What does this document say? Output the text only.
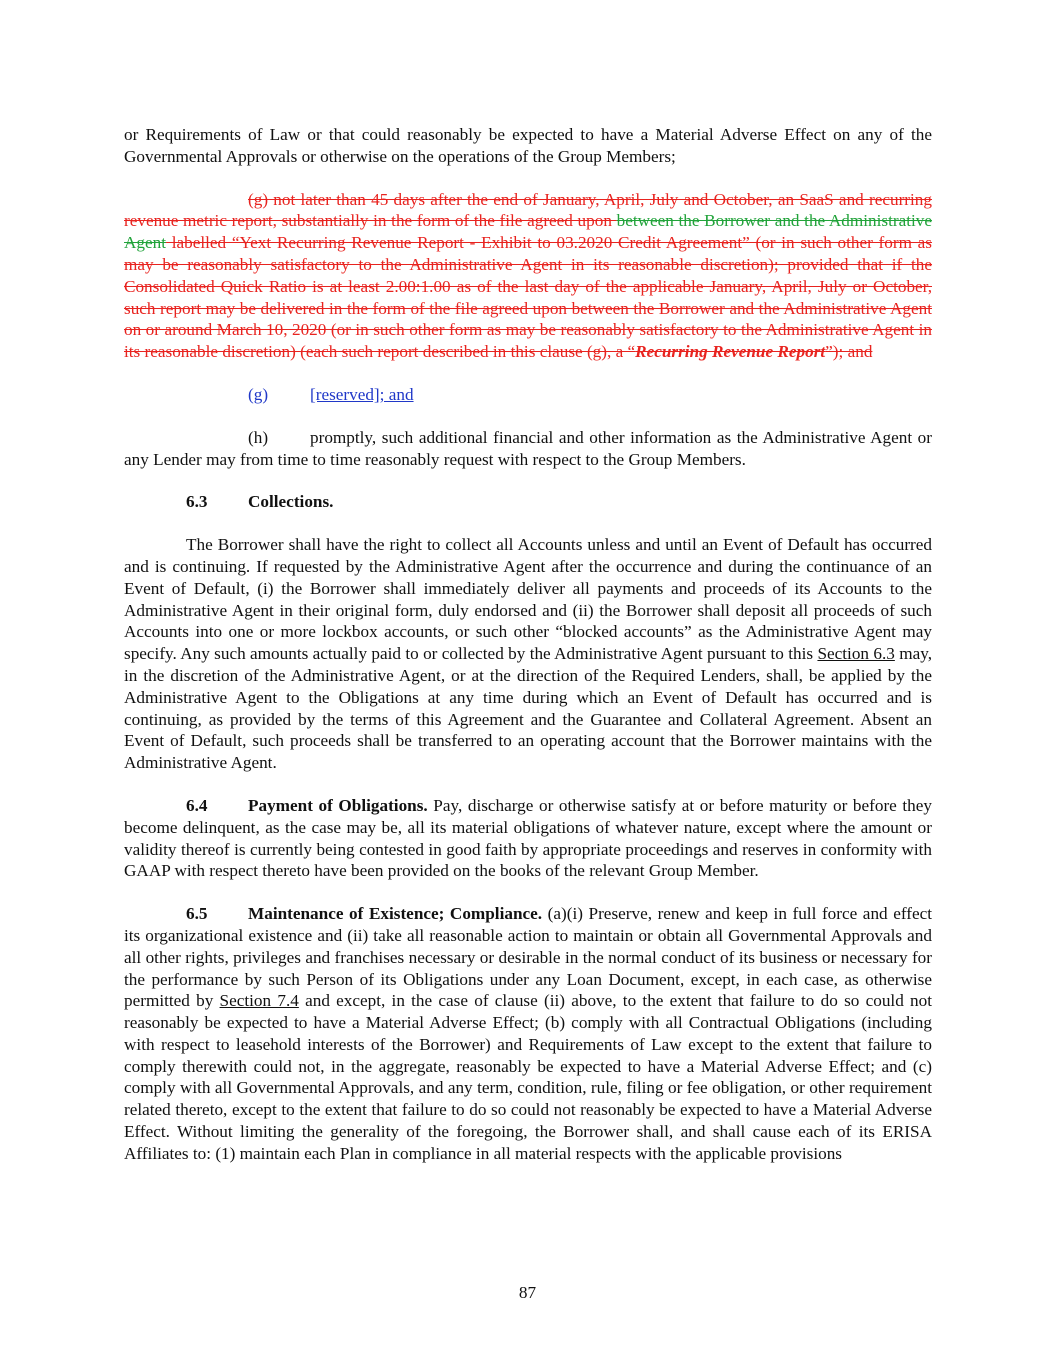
or Requirements of Law or that could reasonably be expected to have a Material Adverse Effect on any of the Governmental Approvals or otherwise on the operations of the Group Members;

(g) not later than 45 days after the end of January, April, July and October, an SaaS and recurring revenue metric report, substantially in the form of the file agreed upon between the Borrower and the Administrative Agent labelled “Yext Recurring Revenue Report - Exhibit to 03.2020 Credit Agreement” (or in such other form as may be reasonably satisfactory to the Administrative Agent in its reasonable discretion); provided that if the Consolidated Quick Ratio is at least 2.00:1.00 as of the last day of the applicable January, April, July or October, such report may be delivered in the form of the file agreed upon between the Borrower and the Administrative Agent on or around March 10, 2020 (or in such other form as may be reasonably satisfactory to the Administrative Agent in its reasonable discretion) (each such report described in this clause (g), a “Recurring Revenue Report”); and

(g) [reserved]; and

(h) promptly, such additional financial and other information as the Administrative Agent or any Lender may from time to time reasonably request with respect to the Group Members.

6.3 Collections.

The Borrower shall have the right to collect all Accounts unless and until an Event of Default has occurred and is continuing. If requested by the Administrative Agent after the occurrence and during the continuance of an Event of Default, (i) the Borrower shall immediately deliver all payments and proceeds of its Accounts to the Administrative Agent in their original form, duly endorsed and (ii) the Borrower shall deposit all proceeds of such Accounts into one or more lockbox accounts, or such other “blocked accounts” as the Administrative Agent may specify. Any such amounts actually paid to or collected by the Administrative Agent pursuant to this Section 6.3 may, in the discretion of the Administrative Agent, or at the direction of the Required Lenders, shall, be applied by the Administrative Agent to the Obligations at any time during which an Event of Default has occurred and is continuing, as provided by the terms of this Agreement and the Guarantee and Collateral Agreement. Absent an Event of Default, such proceeds shall be transferred to an operating account that the Borrower maintains with the Administrative Agent.

6.4 Payment of Obligations. Pay, discharge or otherwise satisfy at or before maturity or before they become delinquent, as the case may be, all its material obligations of whatever nature, except where the amount or validity thereof is currently being contested in good faith by appropriate proceedings and reserves in conformity with GAAP with respect thereto have been provided on the books of the relevant Group Member.

6.5 Maintenance of Existence; Compliance. (a)(i) Preserve, renew and keep in full force and effect its organizational existence and (ii) take all reasonable action to maintain or obtain all Governmental Approvals and all other rights, privileges and franchises necessary or desirable in the normal conduct of its business or necessary for the performance by such Person of its Obligations under any Loan Document, except, in each case, as otherwise permitted by Section 7.4 and except, in the case of clause (ii) above, to the extent that failure to do so could not reasonably be expected to have a Material Adverse Effect; (b) comply with all Contractual Obligations (including with respect to leasehold interests of the Borrower) and Requirements of Law except to the extent that failure to comply therewith could not, in the aggregate, reasonably be expected to have a Material Adverse Effect; and (c) comply with all Governmental Approvals, and any term, condition, rule, filing or fee obligation, or other requirement related thereto, except to the extent that failure to do so could not reasonably be expected to have a Material Adverse Effect. Without limiting the generality of the foregoing, the Borrower shall, and shall cause each of its ERISA Affiliates to: (1) maintain each Plan in compliance in all material respects with the applicable provisions

87
